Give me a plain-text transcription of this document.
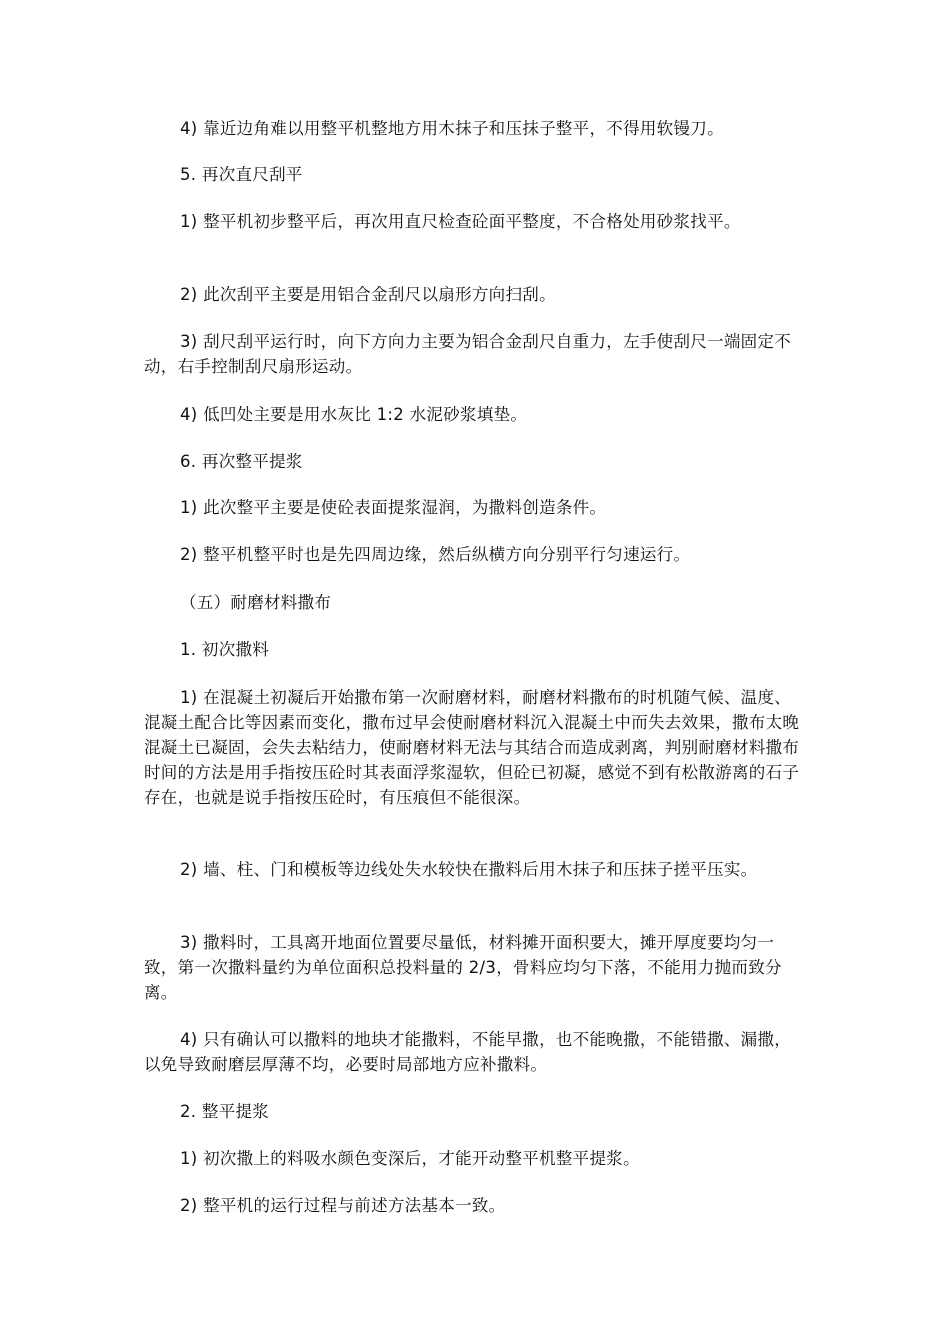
4) 靠近边角难以用整平机整地方用木抹子和压抹子整平，不得用软镘刀。

5. 再次直尺刮平

1) 整平机初步整平后，再次用直尺检查砼面平整度，不合格处用砂浆找平。

2) 此次刮平主要是用铝合金刮尺以扇形方向扫刮。

3) 刮尺刮平运行时，向下方向力主要为铝合金刮尺自重力，左手使刮尺一端固定不动，右手控制刮尺扇形运动。

4) 低凹处主要是用水灰比 1:2 水泥砂浆填垫。

6. 再次整平提浆

1) 此次整平主要是使砼表面提浆湿润，为撒料创造条件。

2) 整平机整平时也是先四周边缘，然后纵横方向分别平行匀速运行。

（五）耐磨材料撒布

1. 初次撒料

1) 在混凝土初凝后开始撒布第一次耐磨材料，耐磨材料撒布的时机随气候、温度、混凝土配合比等因素而变化，撒布过早会使耐磨材料沉入混凝土中而失去效果，撒布太晚混凝土已凝固，会失去粘结力，使耐磨材料无法与其结合而造成剥离，判别耐磨材料撒布时间的方法是用手指按压砼时其表面浮浆湿软，但砼已初凝，感觉不到有松散游离的石子存在，也就是说手指按压砼时，有压痕但不能很深。

2) 墙、柱、门和模板等边线处失水较快在撒料后用木抹子和压抹子搓平压实。

3) 撒料时，工具离开地面位置要尽量低，材料摊开面积要大，摊开厚度要均匀一致，第一次撒料量约为单位面积总投料量的 2/3，骨料应均匀下落，不能用力抛而致分离。

4) 只有确认可以撒料的地块才能撒料，不能早撒，也不能晚撒，不能错撒、漏撒，以免导致耐磨层厚薄不均，必要时局部地方应补撒料。

2. 整平提浆

1) 初次撒上的料吸水颜色变深后，才能开动整平机整平提浆。

2) 整平机的运行过程与前述方法基本一致。
